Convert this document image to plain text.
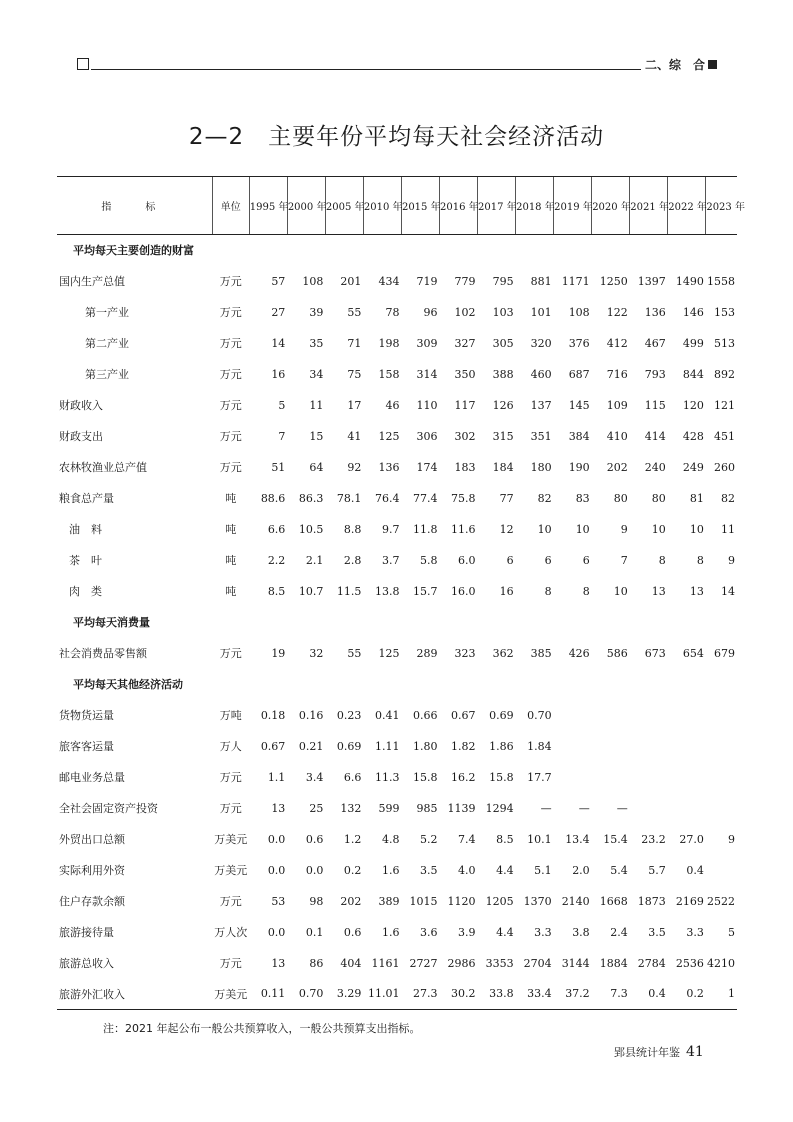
二、综　合
2—2　主要年份平均每天社会经济活动
指　标	单位	1995 年	2000 年	2005 年	2010 年	2015 年	2016 年	2017 年	2018 年	2019 年	2020 年	2021 年	2022 年	2023 年
平均每天主要创造的财富														
国内生产总值	万元	57	108	201	434	719	779	795	881	1171	1250	1397	1490	1558
第一产业	万元	27	39	55	78	96	102	103	101	108	122	136	146	153
第二产业	万元	14	35	71	198	309	327	305	320	376	412	467	499	513
第三产业	万元	16	34	75	158	314	350	388	460	687	716	793	844	892
财政收入	万元	5	11	17	46	110	117	126	137	145	109	115	120	121
财政支出	万元	7	15	41	125	306	302	315	351	384	410	414	428	451
农林牧渔业总产值	万元	51	64	92	136	174	183	184	180	190	202	240	249	260
粮食总产量	吨	88.6	86.3	78.1	76.4	77.4	75.8	77	82	83	80	80	81	82
油　料	吨	6.6	10.5	8.8	9.7	11.8	11.6	12	10	10	9	10	10	11
茶　叶	吨	2.2	2.1	2.8	3.7	5.8	6.0	6	6	6	7	8	8	9
肉　类	吨	8.5	10.7	11.5	13.8	15.7	16.0	16	8	8	10	13	13	14
平均每天消费量														
社会消费品零售额	万元	19	32	55	125	289	323	362	385	426	586	673	654	679
平均每天其他经济活动														
货物货运量	万吨	0.18	0.16	0.23	0.41	0.66	0.67	0.69	0.70					
旅客客运量	万人	0.67	0.21	0.69	1.11	1.80	1.82	1.86	1.84					
邮电业务总量	万元	1.1	3.4	6.6	11.3	15.8	16.2	15.8	17.7					
全社会固定资产投资	万元	13	25	132	599	985	1139	1294	—	—	—			
外贸出口总额	万美元	0.0	0.6	1.2	4.8	5.2	7.4	8.5	10.1	13.4	15.4	23.2	27.0	9
实际利用外资	万美元	0.0	0.0	0.2	1.6	3.5	4.0	4.4	5.1	2.0	5.4	5.7	0.4	
住户存款余额	万元	53	98	202	389	1015	1120	1205	1370	2140	1668	1873	2169	2522
旅游接待量	万人次	0.0	0.1	0.6	1.6	3.6	3.9	4.4	3.3	3.8	2.4	3.5	3.3	5
旅游总收入	万元	13	86	404	1161	2727	2986	3353	2704	3144	1884	2784	2536	4210
旅游外汇收入	万美元	0.11	0.70	3.29	11.01	27.3	30.2	33.8	33.4	37.2	7.3	0.4	0.2	1
注：2021 年起公布一般公共预算收入，一般公共预算支出指标。
郢县统计年鉴 41
